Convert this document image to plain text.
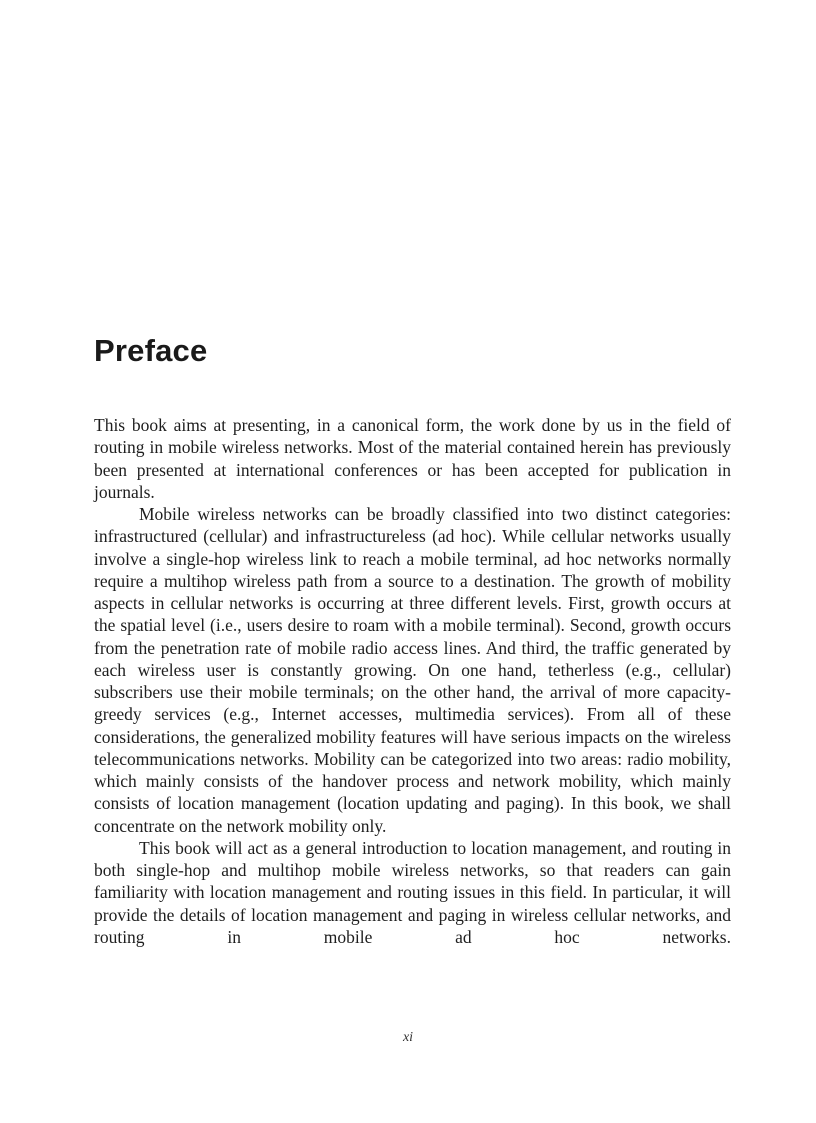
Preface

This book aims at presenting, in a canonical form, the work done by us in the field of routing in mobile wireless networks. Most of the material contained herein has previously been presented at international conferences or has been accepted for publication in journals.

Mobile wireless networks can be broadly classified into two distinct categories: infrastructured (cellular) and infrastructureless (ad hoc). While cellular networks usually involve a single-hop wireless link to reach a mobile terminal, ad hoc networks normally require a multihop wireless path from a source to a destination. The growth of mobility aspects in cellular networks is occurring at three different levels. First, growth occurs at the spatial level (i.e., users desire to roam with a mobile terminal). Second, growth occurs from the penetration rate of mobile radio access lines. And third, the traffic generated by each wireless user is constantly growing. On one hand, tetherless (e.g., cellular) subscribers use their mobile terminals; on the other hand, the arrival of more capacity-greedy services (e.g., Internet accesses, multimedia services). From all of these considerations, the generalized mobility features will have serious impacts on the wireless telecommunications networks. Mobility can be categorized into two areas: radio mobility, which mainly consists of the handover process and network mobility, which mainly consists of location management (location updating and paging). In this book, we shall concentrate on the network mobility only.

This book will act as a general introduction to location management, and routing in both single-hop and multihop mobile wireless networks, so that readers can gain familiarity with location management and routing issues in this field. In particular, it will provide the details of location management and paging in wireless cellular networks, and routing in mobile ad hoc networks.

xi
